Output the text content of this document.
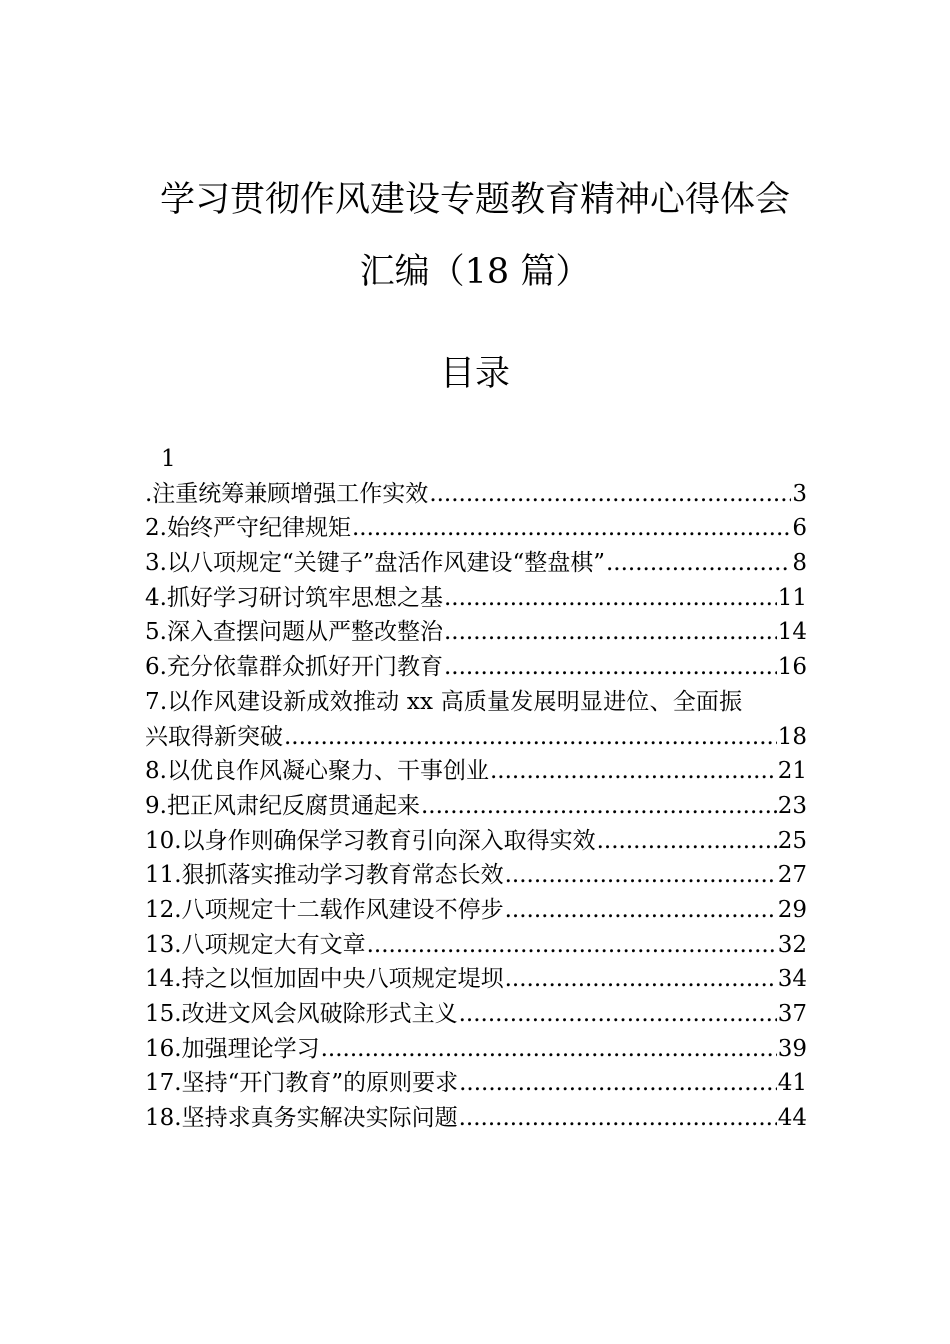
学习贯彻作风建设专题教育精神心得体会
汇编（18 篇）
目录
1
.注重统筹兼顾增强工作实效 .....	3
2.始终严守纪律规矩 .....	6
3.以八项规定“关键子”盘活作风建设“整盘棋” .....	8
4.抓好学习研讨筑牢思想之基 .....	11
5.深入查摆问题从严整改整治 .....	14
6.充分依靠群众抓好开门教育 .....	16
7.以作风建设新成效推动 xx 高质量发展明显进位、全面振
兴取得新突破 .....	18
8.以优良作风凝心聚力、干事创业 .....	21
9.把正风肃纪反腐贯通起来 .....	23
10.以身作则确保学习教育引向深入取得实效 .....	25
11.狠抓落实推动学习教育常态长效 .....	27
12.八项规定十二载作风建设不停步 .....	29
13.八项规定大有文章 .....	32
14.持之以恒加固中央八项规定堤坝 .....	34
15.改进文风会风破除形式主义 .....	37
16.加强理论学习 .....	39
17.坚持“开门教育”的原则要求 .....	41
18.坚持求真务实解决实际问题 .....	44
